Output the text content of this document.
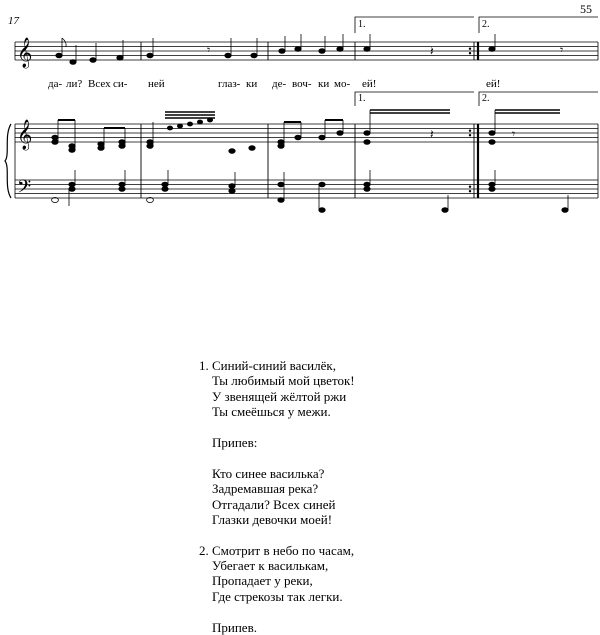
55
17
𝄞
𝄞
𝄢
𝄽
𝄾	𝄾
𝄽	𝄾
да- ли? Всех си- ней	глаз- ки де- воч- ки мо- ей!	ей!
1.	2.
1.	2.
1. Синий-синий василёк,
Ты любимый мой цветок!
У звенящей жёлтой ржи
Ты смеёшься у межи.
Припев:
Кто синее василька?
Задремавшая река?
Отгадали? Всех синей
Глазки девочки моей!
2. Смотрит в небо по часам,
Убегает к василькам,
Пропадает у реки,
Где стрекозы так легки.
Припев.
